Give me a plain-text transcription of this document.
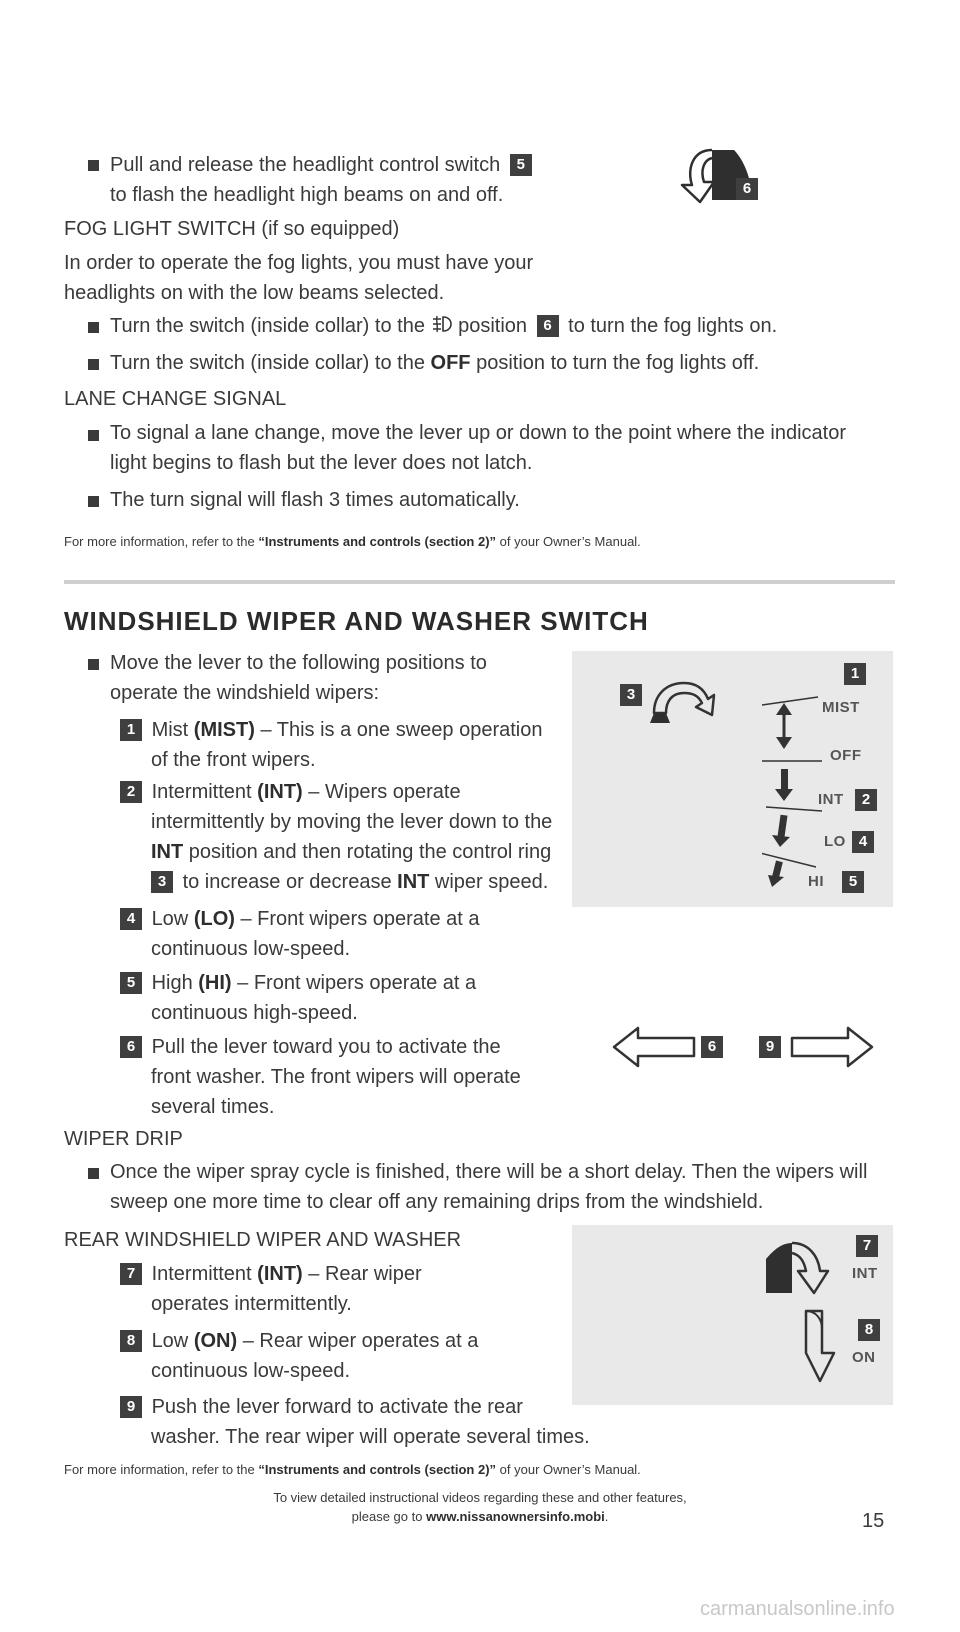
Pull and release the headlight control switch 5
to flash the headlight high beams on and off.	6
FOG LIGHT SWITCH (if so equipped)
In order to operate the fog lights, you must have your
headlights on with the low beams selected.
Turn the switch (inside collar) to the position 6 to turn the fog lights on.
Turn the switch (inside collar) to the OFF position to turn the fog lights off.
LANE CHANGE SIGNAL
To signal a lane change, move the lever up or down to the point where the indicator
light begins to flash but the lever does not latch.
The turn signal will flash 3 times automatically.
For more information, refer to the “Instruments and controls (section 2)” of your Owner’s Manual.
WINDSHIELD WIPER AND WASHER SWITCH
Move the lever to the following positions to
operate the windshield wipers:
1 Mist (MIST) – This is a one sweep operation
of the front wipers.
2 Intermittent (INT) – Wipers operate
intermittently by moving the lever down to the
INT position and then rotating the control ring
3 to increase or decrease INT wiper speed.
4 Low (LO) – Front wipers operate at a
continuous low-speed.
5 High (HI) – Front wipers operate at a
continuous high-speed.
6 Pull the lever toward you to activate the
front washer. The front wipers will operate
several times.
3
1
MIST
OFF
INT	2
LO 4
HI	5
6	9
WIPER DRIP
Once the wiper spray cycle is finished, there will be a short delay. Then the wipers will
sweep one more time to clear off any remaining drips from the windshield.
REAR WINDSHIELD WIPER AND WASHER
7 Intermittent (INT) – Rear wiper
operates intermittently.
8 Low (ON) – Rear wiper operates at a
continuous low-speed.
9 Push the lever forward to activate the rear
washer. The rear wiper will operate several times.
7
INT
8
ON
For more information, refer to the “Instruments and controls (section 2)” of your Owner’s Manual.
To view detailed instructional videos regarding these and other features,
please go to www.nissanownersinfo.mobi.	15
carmanualsonline.info
